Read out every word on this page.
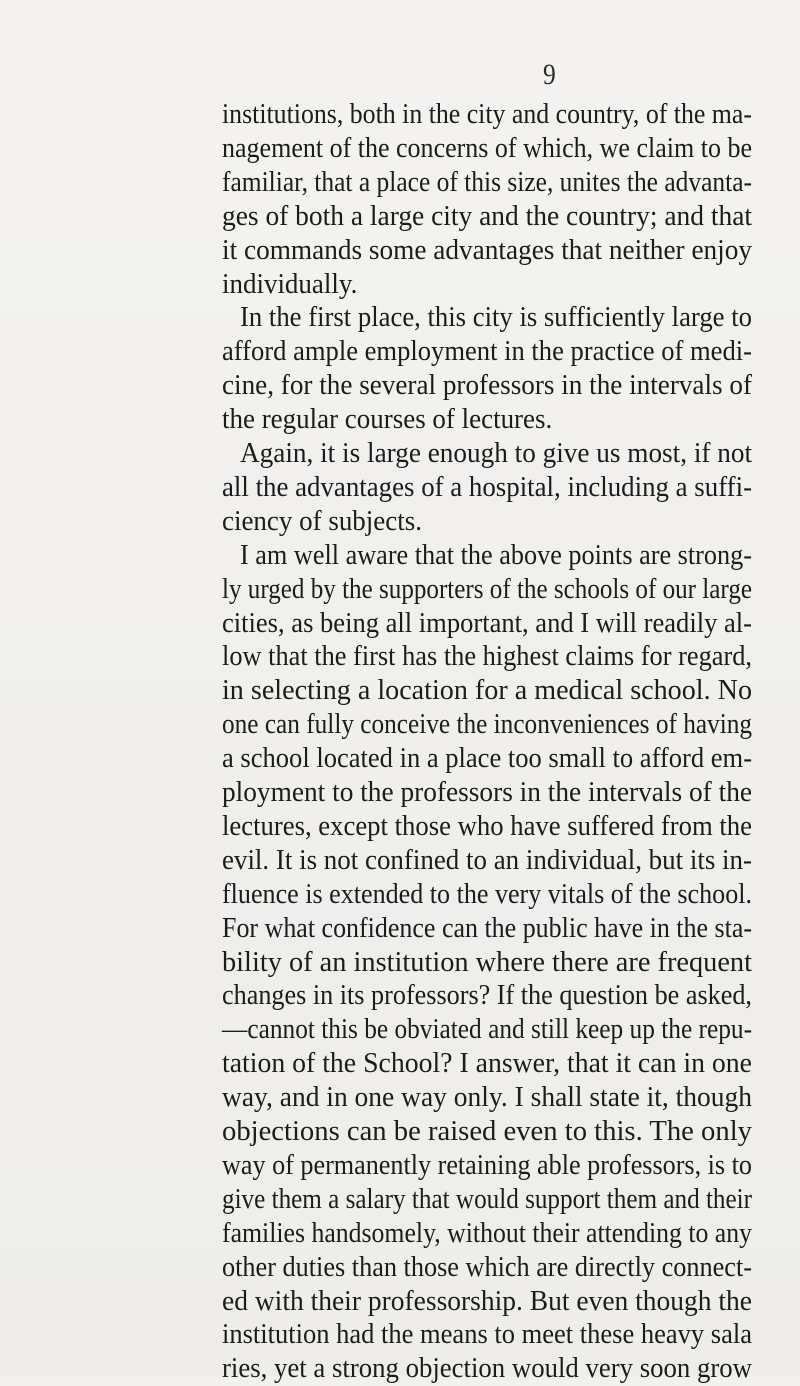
9
institutions, both in the city and country, of the ma-
nagement of the concerns of which, we claim to be
familiar, that a place of this size, unites the advanta-
ges of both a large city and the country; and that
it commands some advantages that neither enjoy
individually.
In the first place, this city is sufficiently large to
afford ample employment in the practice of medi-
cine, for the several professors in the intervals of
the regular courses of lectures.
Again, it is large enough to give us most, if not
all the advantages of a hospital, including a suffi-
ciency of subjects.
I am well aware that the above points are strong-
ly urged by the supporters of the schools of our large
cities, as being all important, and I will readily al-
low that the first has the highest claims for regard,
in selecting a location for a medical school. No
one can fully conceive the inconveniences of having
a school located in a place too small to afford em-
ployment to the professors in the intervals of the
lectures, except those who have suffered from the
evil. It is not confined to an individual, but its in-
fluence is extended to the very vitals of the school.
For what confidence can the public have in the sta-
bility of an institution where there are frequent
changes in its professors? If the question be asked,
—cannot this be obviated and still keep up the repu-
tation of the School? I answer, that it can in one
way, and in one way only. I shall state it, though
objections can be raised even to this. The only
way of permanently retaining able professors, is to
give them a salary that would support them and their
families handsomely, without their attending to any
other duties than those which are directly connect-
ed with their professorship. But even though the
institution had the means to meet these heavy sala
ries, yet a strong objection would very soon grow
